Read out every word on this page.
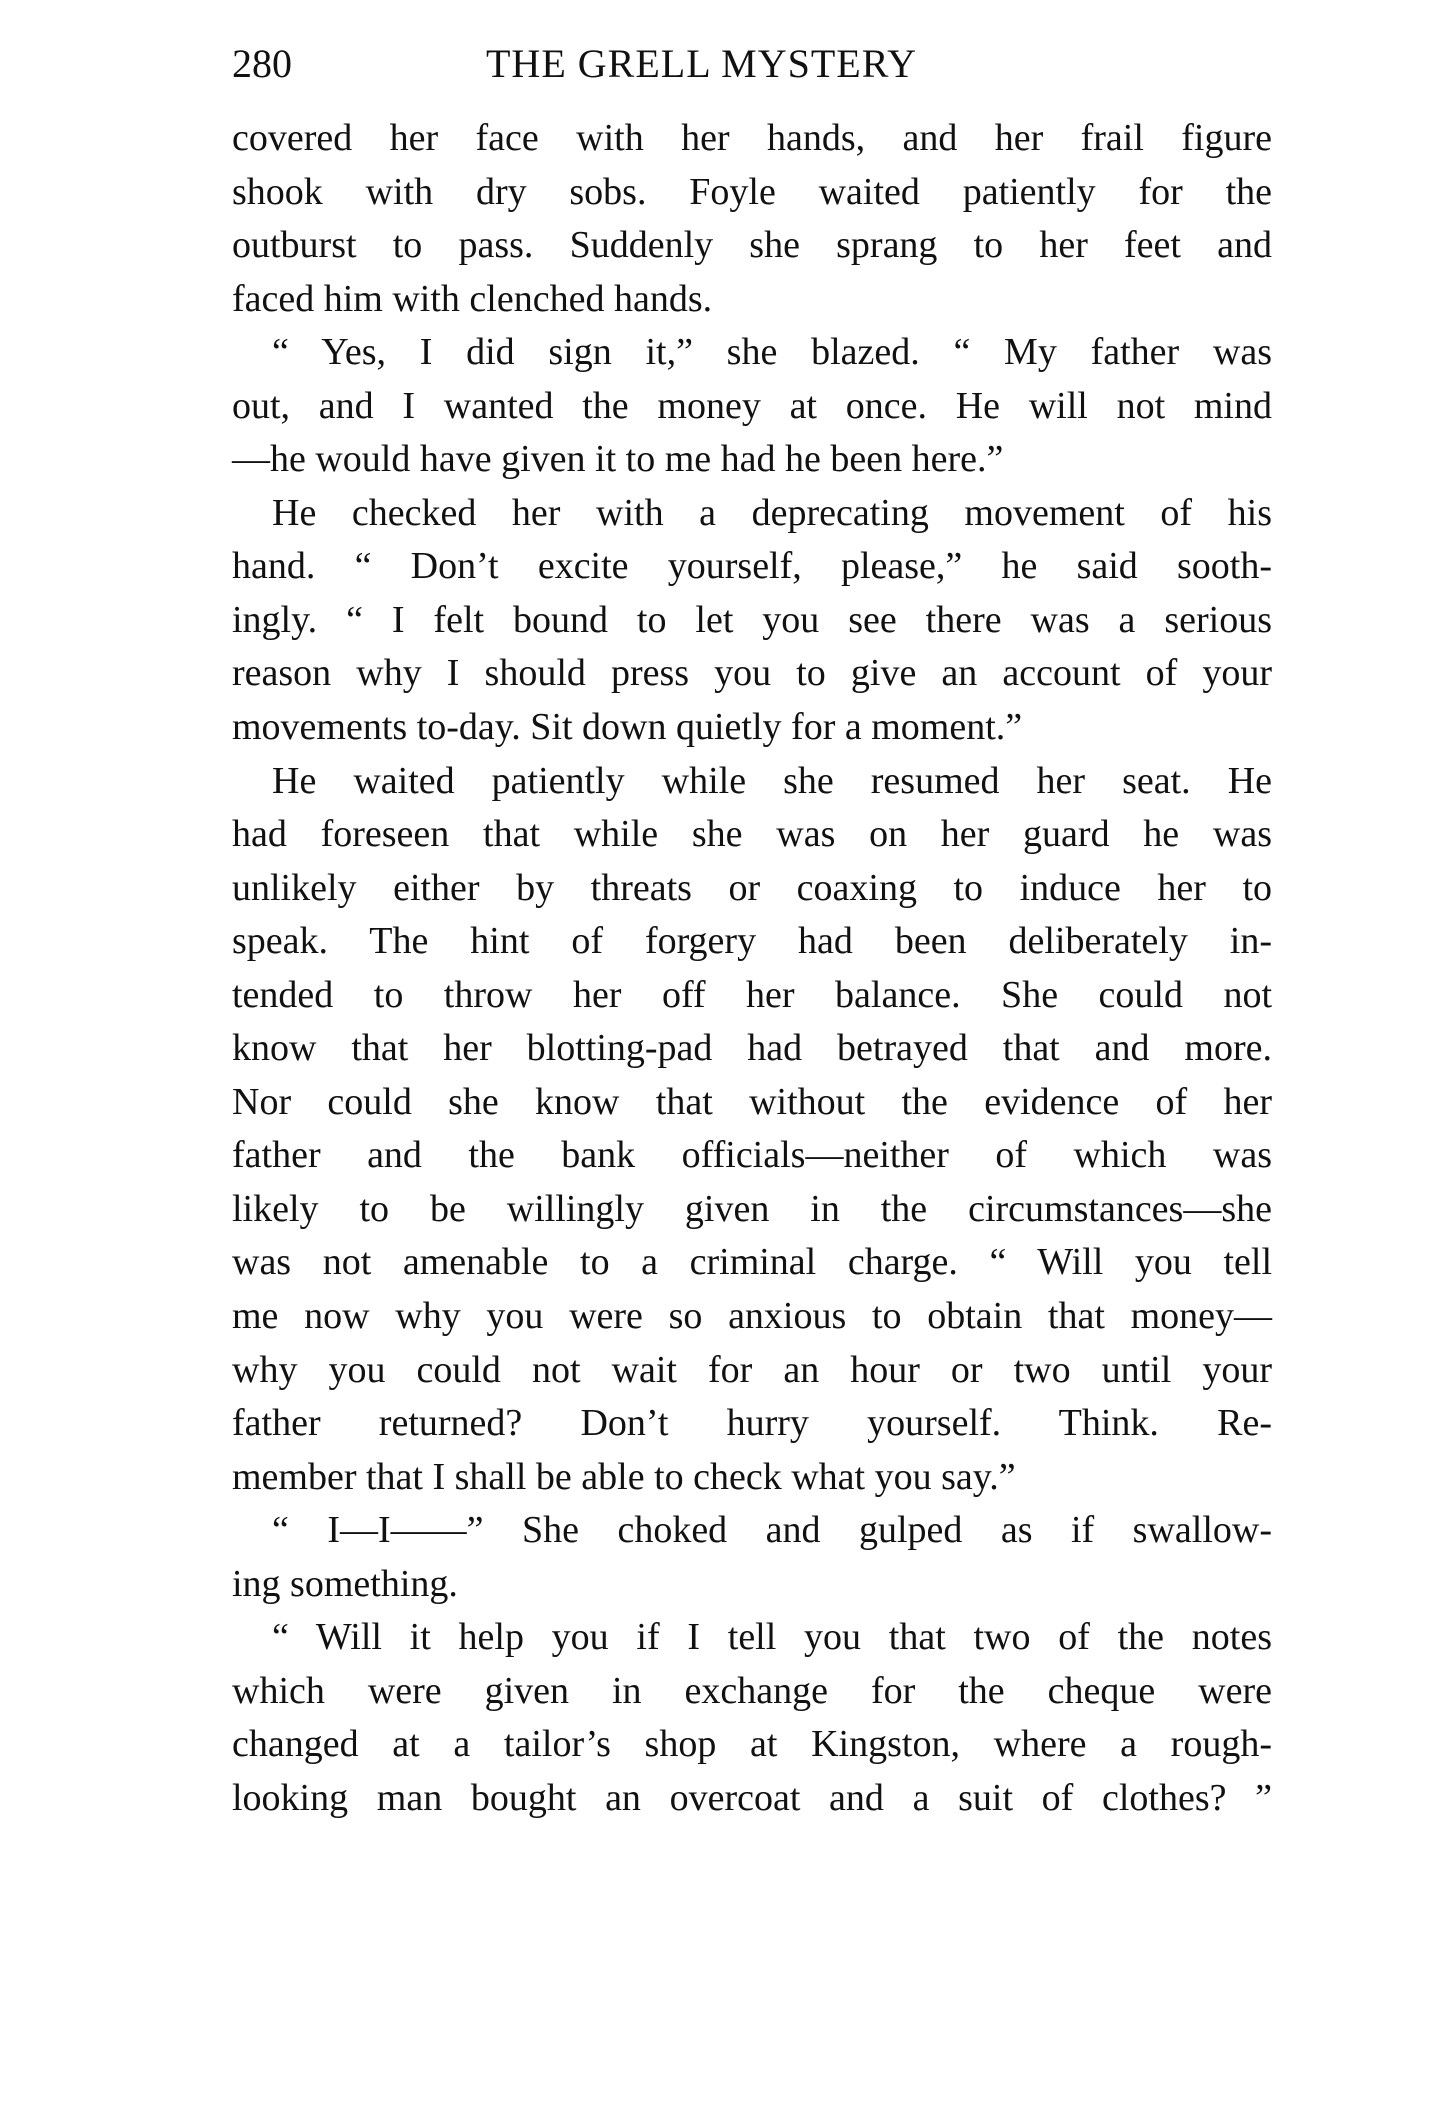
280	THE GRELL MYSTERY
covered her face with her hands, and her frail figure
shook with dry sobs. Foyle waited patiently for the
outburst to pass. Suddenly she sprang to her feet and
faced him with clenched hands.
“ Yes, I did sign it,” she blazed. “ My father was
out, and I wanted the money at once. He will not mind
—he would have given it to me had he been here.”
He checked her with a deprecating movement of his
hand. “ Don’t excite yourself, please,” he said sooth-
ingly. “ I felt bound to let you see there was a serious
reason why I should press you to give an account of your
movements to-day. Sit down quietly for a moment.”
He waited patiently while she resumed her seat. He
had foreseen that while she was on her guard he was
unlikely either by threats or coaxing to induce her to
speak. The hint of forgery had been deliberately in-
tended to throw her off her balance. She could not
know that her blotting-pad had betrayed that and more.
Nor could she know that without the evidence of her
father and the bank officials—neither of which was
likely to be willingly given in the circumstances—she
was not amenable to a criminal charge. “ Will you tell
me now why you were so anxious to obtain that money—
why you could not wait for an hour or two until your
father returned? Don’t hurry yourself. Think. Re-
member that I shall be able to check what you say.”
“ I—I——” She choked and gulped as if swallow-
ing something.
“ Will it help you if I tell you that two of the notes
which were given in exchange for the cheque were
changed at a tailor’s shop at Kingston, where a rough-
looking man bought an overcoat and a suit of clothes? ”
